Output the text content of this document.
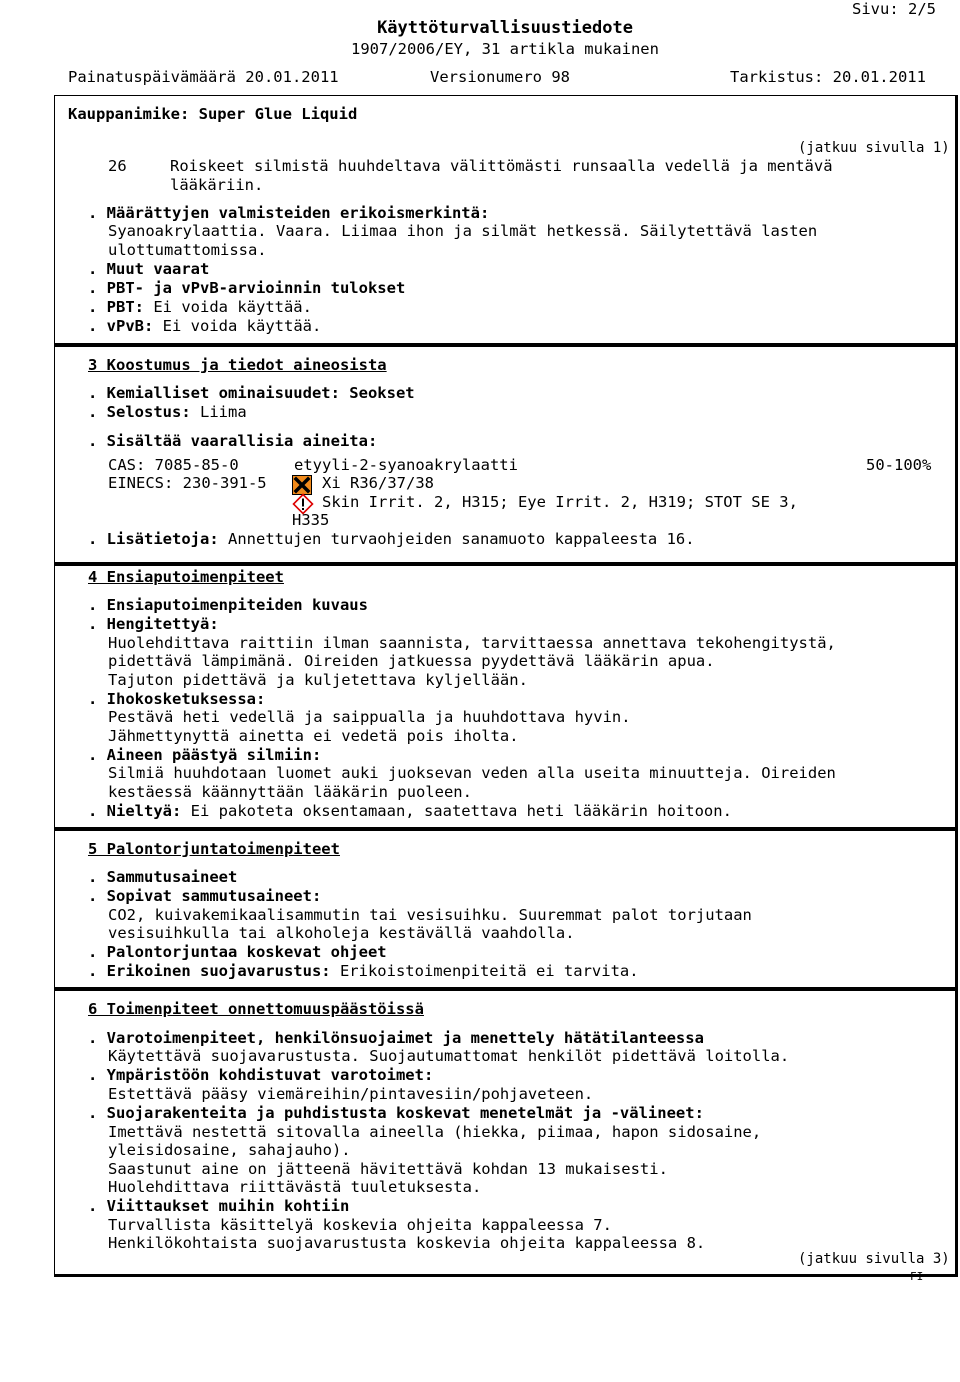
Sivu: 2/5
Käyttöturvallisuustiedote
1907/2006/EY, 31 artikla mukainen
Painatuspäivämäärä 20.01.2011	Versionumero 98	Tarkistus: 20.01.2011
Kauppanimike: Super Glue Liquid
(jatkuu sivulla 1)
26	Roiskeet silmistä huuhdeltava välittömästi runsaalla vedellä ja mentävä
lääkäriin.
. Määrättyjen valmisteiden erikoismerkintä:
Syanoakrylaattia. Vaara. Liimaa ihon ja silmät hetkessä. Säilytettävä lasten
ulottumattomissa.
. Muut vaarat
. PBT- ja vPvB-arvioinnin tulokset
. PBT: Ei voida käyttää.
. vPvB: Ei voida käyttää.
3 Koostumus ja tiedot aineosista
. Kemialliset ominaisuudet: Seokset
. Selostus: Liima
. Sisältää vaarallisia aineita:
CAS: 7085-85-0	etyyli-2-syanoakrylaatti	50-100%
EINECS: 230-391-5	Xi R36/37/38
Skin Irrit. 2, H315; Eye Irrit. 2, H319; STOT SE 3,
H335
. Lisätietoja: Annettujen turvaohjeiden sanamuoto kappaleesta 16.
4 Ensiaputoimenpiteet
. Ensiaputoimenpiteiden kuvaus
. Hengitettyä:
Huolehdittava raittiin ilman saannista, tarvittaessa annettava tekohengitystä,
pidettävä lämpimänä. Oireiden jatkuessa pyydettävä lääkärin apua.
Tajuton pidettävä ja kuljetettava kyljellään.
. Ihokosketuksessa:
Pestävä heti vedellä ja saippualla ja huuhdottava hyvin.
Jähmettynyttä ainetta ei vedetä pois iholta.
. Aineen päästyä silmiin:
Silmiä huuhdotaan luomet auki juoksevan veden alla useita minuutteja. Oireiden
kestäessä käännyttään lääkärin puoleen.
. Nieltyä: Ei pakoteta oksentamaan, saatettava heti lääkärin hoitoon.
5 Palontorjuntatoimenpiteet
. Sammutusaineet
. Sopivat sammutusaineet:
CO2, kuivakemikaalisammutin tai vesisuihku. Suuremmat palot torjutaan
vesisuihkulla tai alkoholeja kestävällä vaahdolla.
. Palontorjuntaa koskevat ohjeet
. Erikoinen suojavarustus: Erikoistoimenpiteitä ei tarvita.
6 Toimenpiteet onnettomuuspäästöissä
. Varotoimenpiteet, henkilönsuojaimet ja menettely hätätilanteessa
Käytettävä suojavarustusta. Suojautumattomat henkilöt pidettävä loitolla.
. Ympäristöön kohdistuvat varotoimet:
Estettävä pääsy viemäreihin/pintavesiin/pohjaveteen.
. Suojarakenteita ja puhdistusta koskevat menetelmät ja -välineet:
Imettävä nestettä sitovalla aineella (hiekka, piimaa, hapon sidosaine,
yleisidosaine, sahajauho).
Saastunut aine on jätteenä hävitettävä kohdan 13 mukaisesti.
Huolehdittava riittävästä tuuletuksesta.
. Viittaukset muihin kohtiin
Turvallista käsittelyä koskevia ohjeita kappaleessa 7.
Henkilökohtaista suojavarustusta koskevia ohjeita kappaleessa 8.
(jatkuu sivulla 3)
FI
